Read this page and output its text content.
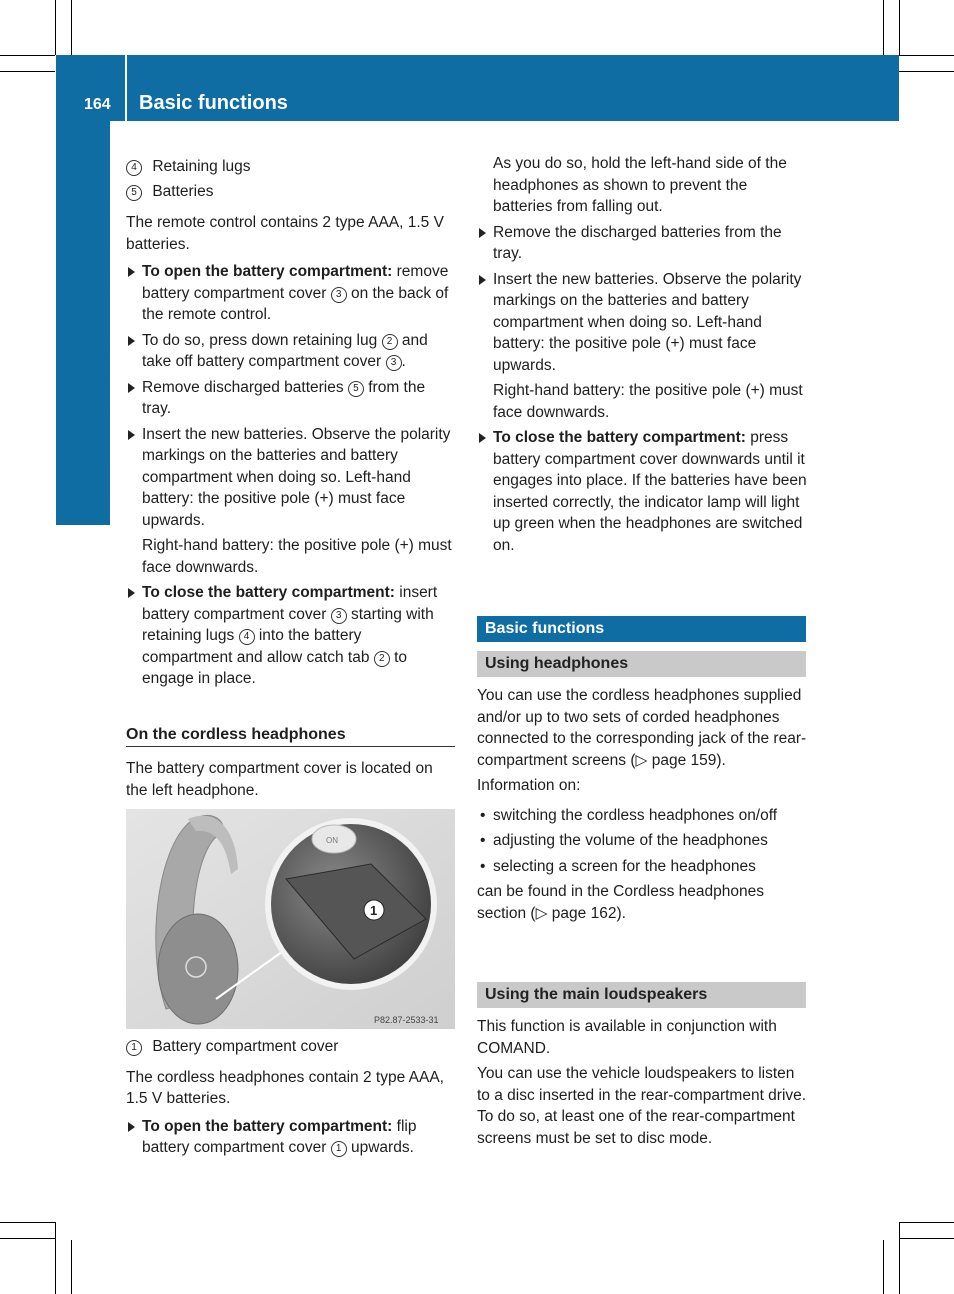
164 Basic functions
Rear Seat Entertainment

4 Retaining lugs

5 Batteries

The remote control contains 2 type AAA, 1.5 V batteries.

To open the battery compartment: remove battery compartment cover 3 on the back of the remote control.

To do so, press down retaining lug 2 and take off battery compartment cover 3 .

Remove discharged batteries 5 from the tray.

Insert the new batteries. Observe the polarity markings on the batteries and battery compartment when doing so. Left-hand battery: the positive pole (+) must face upwards.

Right-hand battery: the positive pole (+) must face downwards.

To close the battery compartment: insert battery compartment cover 3 starting with retaining lugs 4 into the battery compartment and allow catch tab 2 to engage in place.

On the cordless headphones
The battery compartment cover is located on the left headphone.
ON
1
P82.87-2533-31

1 Battery compartment cover

The cordless headphones contain 2 type AAA, 1.5 V batteries.

To open the battery compartment: flip battery compartment cover 1 upwards.

As you do so, hold the left-hand side of the headphones as shown to prevent the batteries from falling out.

Remove the discharged batteries from the tray.

Insert the new batteries. Observe the polarity markings on the batteries and battery compartment when doing so. Left-hand battery: the positive pole (+) must face upwards.

Right-hand battery: the positive pole (+) must face downwards.

To close the battery compartment: press battery compartment cover downwards until it engages into place. If the batteries have been inserted correctly, the indicator lamp will light up green when the headphones are switched on.

Basic functions
Using headphones

You can use the cordless headphones supplied and/or up to two sets of corded headphones connected to the corresponding jack of the rear-compartment screens (▷ page 159).

Information on:

• switching the cordless headphones on/off

• adjusting the volume of the headphones

• selecting a screen for the headphones

can be found in the Cordless headphones section (▷ page 162).

Using the main loudspeakers

This function is available in conjunction with COMAND.

You can use the vehicle loudspeakers to listen to a disc inserted in the rear-compartment drive. To do so, at least one of the rear-compartment screens must be set to disc mode.
